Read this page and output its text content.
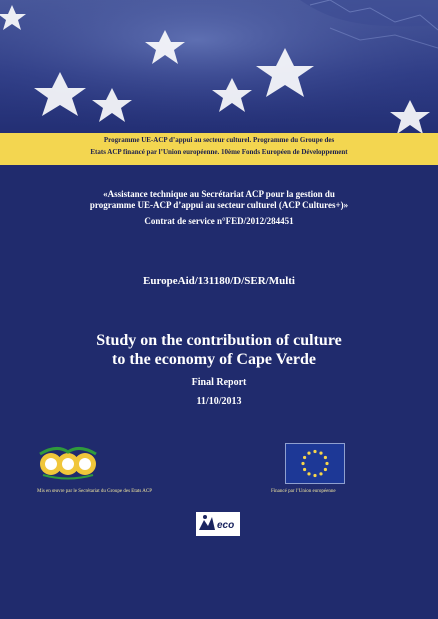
Programme UE-ACP d’appui au secteur culturel. Programme du Groupe des
Etats ACP financé par l’Union européenne. 10ème Fonds Européen de Développement
«Assistance technique au Secrétariat ACP pour la gestion du
programme UE-ACP d’appui au secteur culturel (ACP Cultures+)»
Contrat de service n°FED/2012/284451
EuropeAid/131180/D/SER/Multi
Study on the contribution of culture
to the economy of Cape Verde
Final Report
11/10/2013
Mis en œuvre par le Secrétariat du Groupe des Etats ACP	Financé par l’Union européenne
eco
